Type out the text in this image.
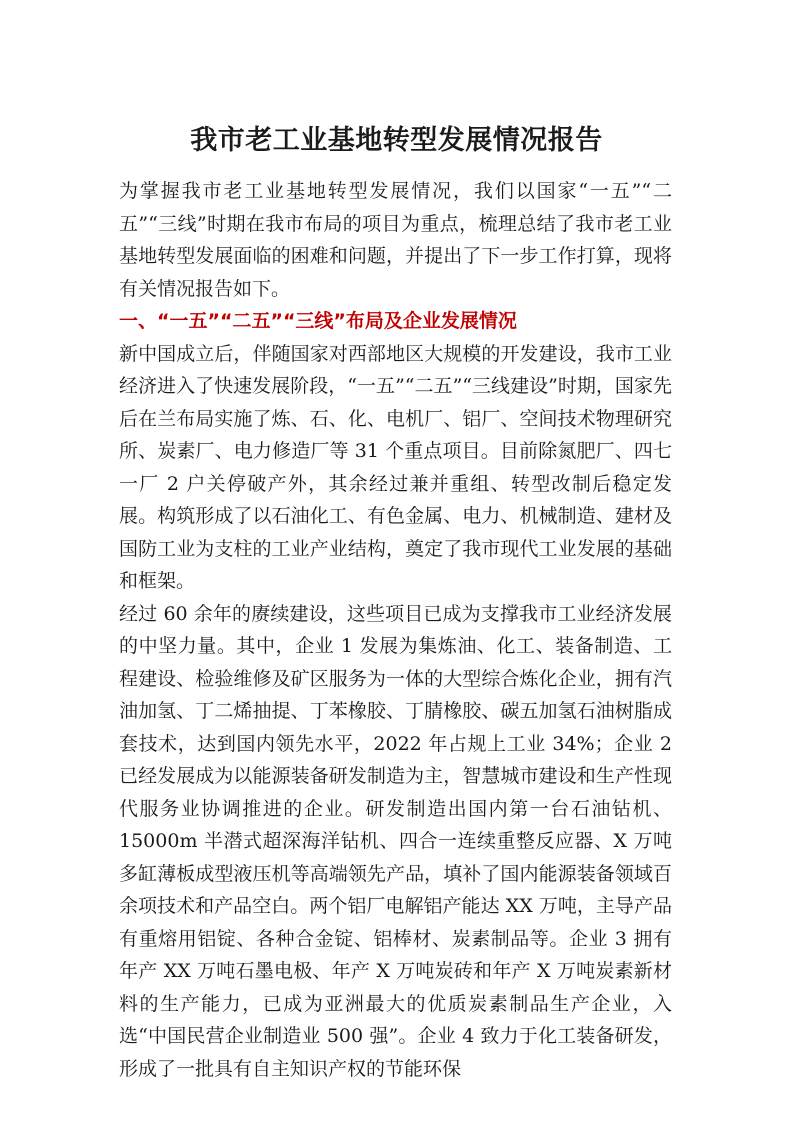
我市老工业基地转型发展情况报告

为掌握我市老工业基地转型发展情况，我们以国家“一五”“二五”“三线”时期在我市布局的项目为重点，梳理总结了我市老工业基地转型发展面临的困难和问题，并提出了下一步工作打算，现将有关情况报告如下。

一、“一五”“二五”“三线”布局及企业发展情况

新中国成立后，伴随国家对西部地区大规模的开发建设，我市工业经济进入了快速发展阶段，“一五”“二五”“三线建设”时期，国家先后在兰布局实施了炼、石、化、电机厂、铝厂、空间技术物理研究所、炭素厂、电力修造厂等 31 个重点项目。目前除氮肥厂、四七一厂 2 户关停破产外，其余经过兼并重组、转型改制后稳定发展。构筑形成了以石油化工、有色金属、电力、机械制造、建材及国防工业为支柱的工业产业结构，奠定了我市现代工业发展的基础和框架。

经过 60 余年的赓续建设，这些项目已成为支撑我市工业经济发展的中坚力量。其中，企业 1 发展为集炼油、化工、装备制造、工程建设、检验维修及矿区服务为一体的大型综合炼化企业，拥有汽油加氢、丁二烯抽提、丁苯橡胶、丁腈橡胶、碳五加氢石油树脂成套技术，达到国内领先水平，2022 年占规上工业 34%；企业 2 已经发展成为以能源装备研发制造为主，智慧城市建设和生产性现代服务业协调推进的企业。研发制造出国内第一台石油钻机、15000m 半潜式超深海洋钻机、四合一连续重整反应器、X 万吨多缸薄板成型液压机等高端领先产品，填补了国内能源装备领域百余项技术和产品空白。两个铝厂电解铝产能达 XX 万吨，主导产品有重熔用铝锭、各种合金锭、铝棒材、炭素制品等。企业 3 拥有年产 XX 万吨石墨电极、年产 X 万吨炭砖和年产 X 万吨炭素新材料的生产能力，已成为亚洲最大的优质炭素制品生产企业，入选“中国民营企业制造业 500 强”。企业 4 致力于化工装备研发，形成了一批具有自主知识产权的节能环保
